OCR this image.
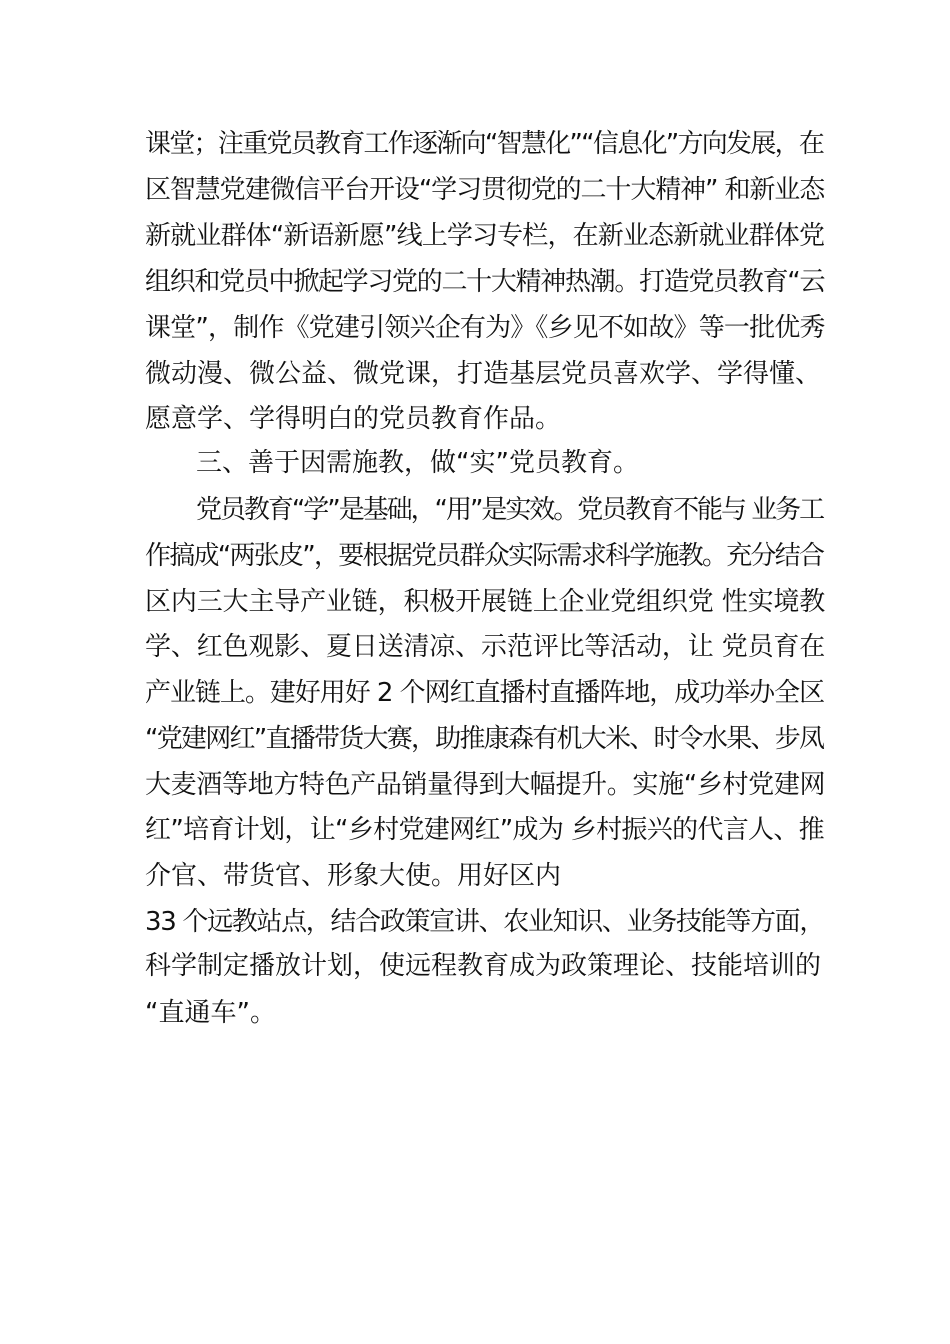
课堂；注重党员教育工作逐渐向“智慧化”“信息化”方向发展，在
区智慧党建微信平台开设“学习贯彻党的二十大精神” 和新业态
新就业群体“新语新愿”线上学习专栏，在新业态新就业群体党
组织和党员中掀起学习党的二十大精神热潮。打造党员教育“云
课堂”，制作《党建引领兴企有为》《乡见不如故》等一批优秀
微动漫、微公益、微党课，打造基层党员喜欢学、学得懂、
愿意学、学得明白的党员教育作品。
三、善于因需施教，做“实”党员教育。
党员教育“学”是基础，“用”是实效。党员教育不能与 业务工
作搞成“两张皮”，要根据党员群众实际需求科学施教。充分结合
区内三大主导产业链，积极开展链上企业党组织党 性实境教
学、红色观影、夏日送清凉、示范评比等活动，让 党员育在
产业链上。建好用好 2 个网红直播村直播阵地，成功举办全区
“党建网红”直播带货大赛，助推康森有机大米、时令水果、步凤
大麦酒等地方特色产品销量得到大幅提升。实施“乡村党建网
红”培育计划，让“乡村党建网红”成为 乡村振兴的代言人、推
介官、带货官、形象大使。用好区内
33 个远教站点，结合政策宣讲、农业知识、业务技能等方面，
科学制定播放计划，使远程教育成为政策理论、技能培训的
“直通车”。
